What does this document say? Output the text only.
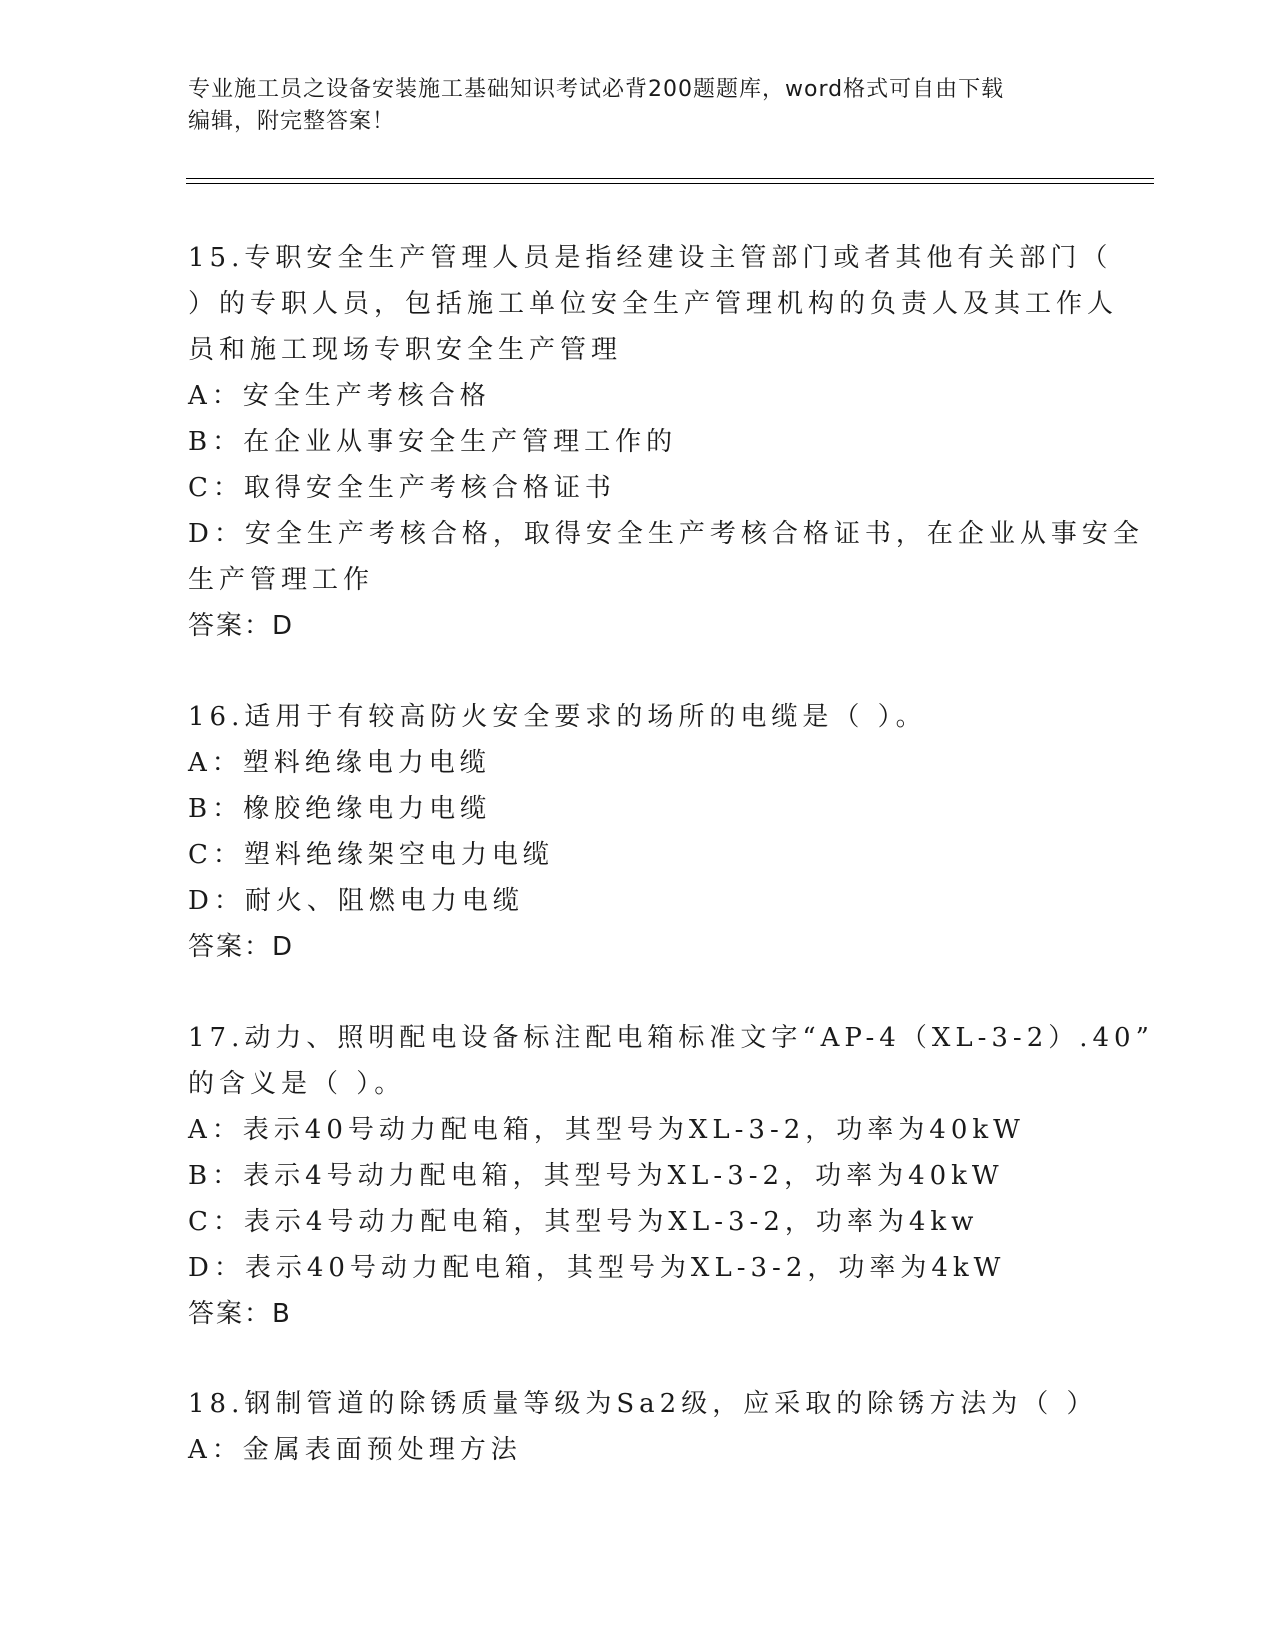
专业施工员之设备安装施工基础知识考试必背200题题库，word格式可自由下载
编辑，附完整答案！
15.专职安全生产管理人员是指经建设主管部门或者其他有关部门（
）的专职人员，包括施工单位安全生产管理机构的负责人及其工作人
员和施工现场专职安全生产管理
A：安全生产考核合格
B：在企业从事安全生产管理工作的
C：取得安全生产考核合格证书
D：安全生产考核合格，取得安全生产考核合格证书，在企业从事安全
生产管理工作
答案：D
16.适用于有较高防火安全要求的场所的电缆是（ ）。
A：塑料绝缘电力电缆
B：橡胶绝缘电力电缆
C：塑料绝缘架空电力电缆
D：耐火、阻燃电力电缆
答案：D
17.动力、照明配电设备标注配电箱标准文字“AP-4（XL-3-2）.40”
的含义是（ ）。
A：表示40号动力配电箱，其型号为XL-3-2，功率为40kW
B：表示4号动力配电箱，其型号为XL-3-2，功率为40kW
C：表示4号动力配电箱，其型号为XL-3-2，功率为4kw
D：表示40号动力配电箱，其型号为XL-3-2，功率为4kW
答案：B
18.钢制管道的除锈质量等级为Sa2级，应采取的除锈方法为（ ）
A：金属表面预处理方法
